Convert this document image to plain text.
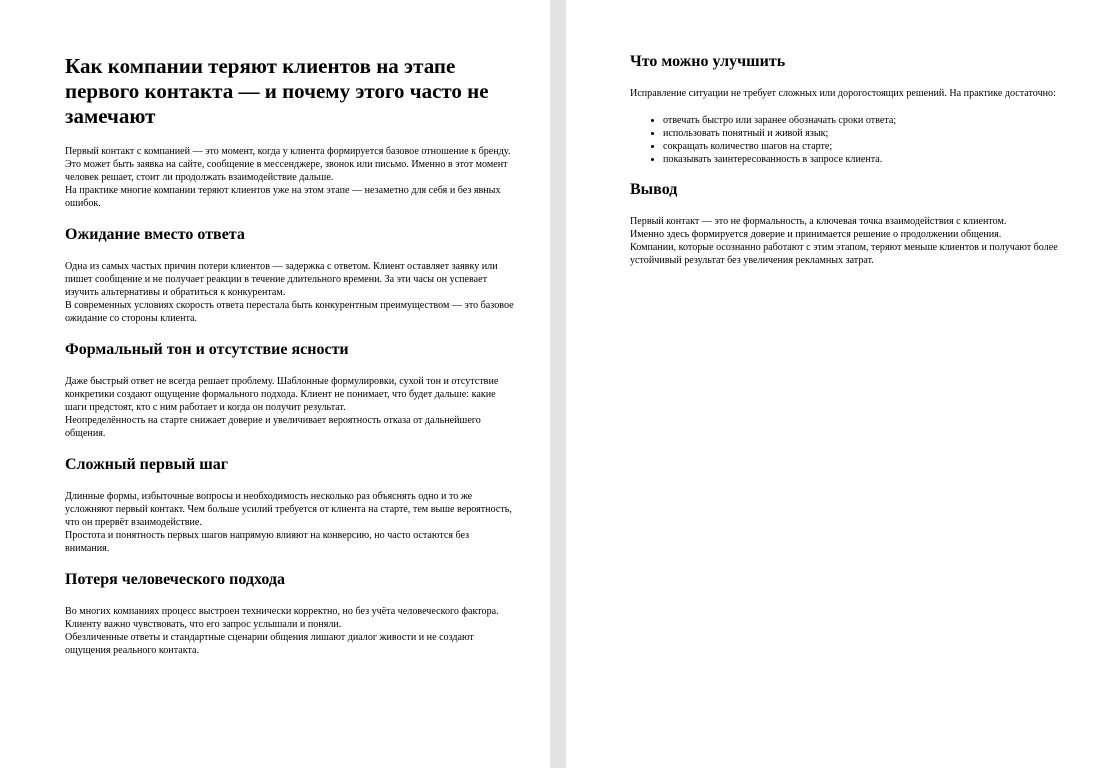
Как компании теряют клиентов на этапе первого контакта — и почему этого часто не замечают

Первый контакт с компанией — это момент, когда у клиента формируется базовое отношение к бренду. Это может быть заявка на сайте, сообщение в мессенджере, звонок или письмо. Именно в этот момент человек решает, стоит ли продолжать взаимодействие дальше.

На практике многие компании теряют клиентов уже на этом этапе — незаметно для себя и без явных ошибок.

Ожидание вместо ответа

Одна из самых частых причин потери клиентов — задержка с ответом. Клиент оставляет заявку или пишет сообщение и не получает реакции в течение длительного времени. За эти часы он успевает изучить альтернативы и обратиться к конкурентам.

В современных условиях скорость ответа перестала быть конкурентным преимуществом — это базовое ожидание со стороны клиента.

Формальный тон и отсутствие ясности

Даже быстрый ответ не всегда решает проблему. Шаблонные формулировки, сухой тон и отсутствие конкретики создают ощущение формального подхода. Клиент не понимает, что будет дальше: какие шаги предстоят, кто с ним работает и когда он получит результат.

Неопределённость на старте снижает доверие и увеличивает вероятность отказа от дальнейшего общения.

Сложный первый шаг

Длинные формы, избыточные вопросы и необходимость несколько раз объяснять одно и то же усложняют первый контакт. Чем больше усилий требуется от клиента на старте, тем выше вероятность, что он прервёт взаимодействие.

Простота и понятность первых шагов напрямую влияют на конверсию, но часто остаются без внимания.

Потеря человеческого подхода

Во многих компаниях процесс выстроен технически корректно, но без учёта человеческого фактора. Клиенту важно чувствовать, что его запрос услышали и поняли.

Обезличенные ответы и стандартные сценарии общения лишают диалог живости и не создают ощущения реального контакта.

Что можно улучшить

Исправление ситуации не требует сложных или дорогостоящих решений. На практике достаточно:

• отвечать быстро или заранее обозначать сроки ответа;
• использовать понятный и живой язык;
• сокращать количество шагов на старте;
• показывать заинтересованность в запросе клиента.
Вывод

Первый контакт — это не формальность, а ключевая точка взаимодействия с клиентом.

Именно здесь формируется доверие и принимается решение о продолжении общения.

Компании, которые осознанно работают с этим этапом, теряют меньше клиентов и получают более устойчивый результат без увеличения рекламных затрат.
